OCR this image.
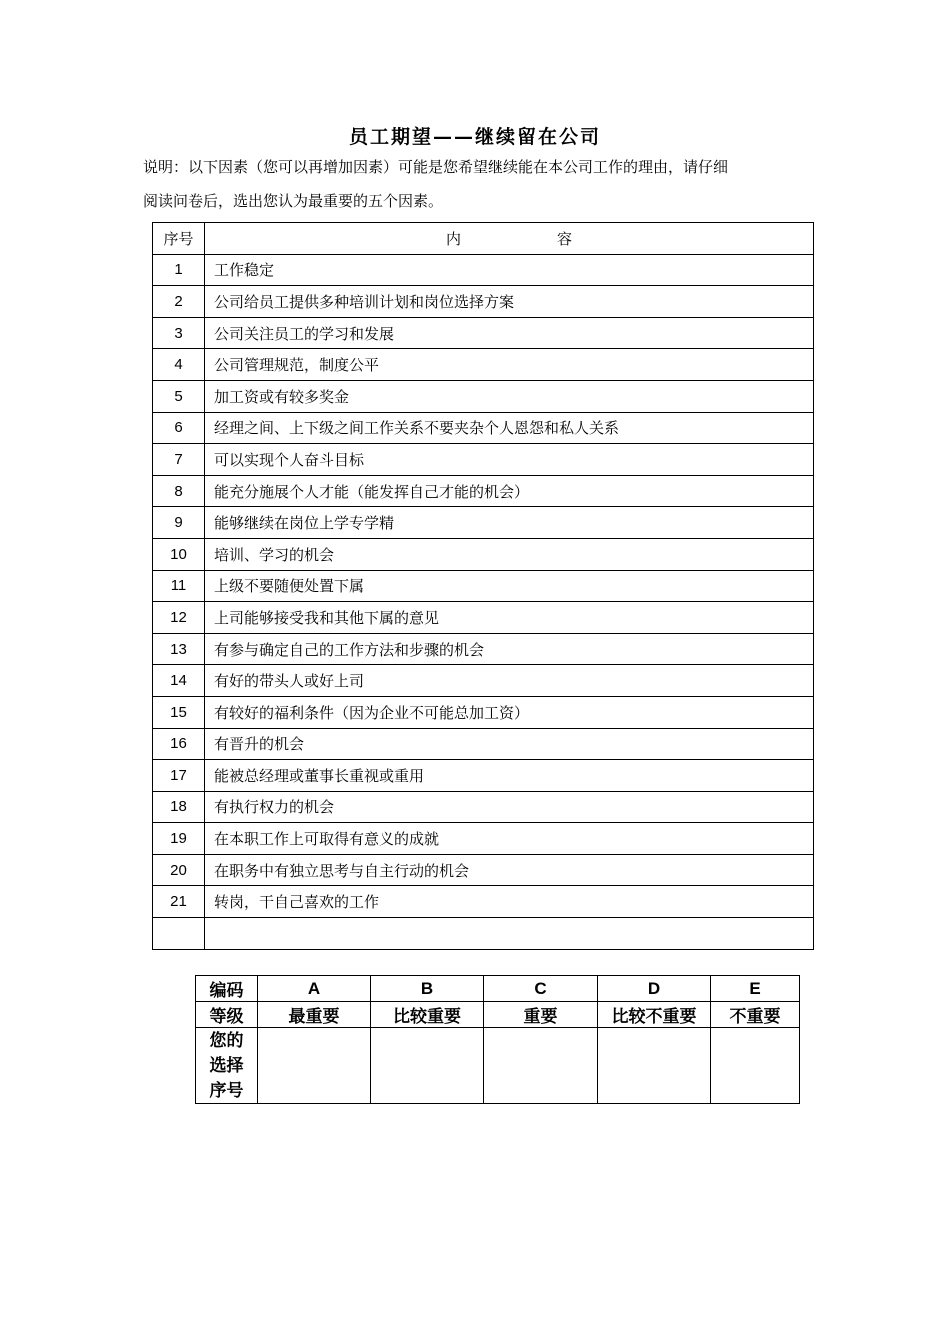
员工期望——继续留在公司

说明：以下因素（您可以再增加因素）可能是您希望继续能在本公司工作的理由，请仔细

阅读问卷后，选出您认为最重要的五个因素。

序号	内容
1	工作稳定
2	公司给员工提供多种培训计划和岗位选择方案
3	公司关注员工的学习和发展
4	公司管理规范，制度公平
5	加工资或有较多奖金
6	经理之间、上下级之间工作关系不要夹杂个人恩怨和私人关系
7	可以实现个人奋斗目标
8	能充分施展个人才能（能发挥自己才能的机会）
9	能够继续在岗位上学专学精
10	培训、学习的机会
11	上级不要随便处置下属
12	上司能够接受我和其他下属的意见
13	有参与确定自己的工作方法和步骤的机会
14	有好的带头人或好上司
15	有较好的福利条件（因为企业不可能总加工资）
16	有晋升的机会
17	能被总经理或董事长重视或重用
18	有执行权力的机会
19	在本职工作上可取得有意义的成就
20	在职务中有独立思考与自主行动的机会
21	转岗，干自己喜欢的工作

编码	A	B	C	D	E
等级	最重要	比较重要	重要	比较不重要	不重要

您的
选择
序号					
